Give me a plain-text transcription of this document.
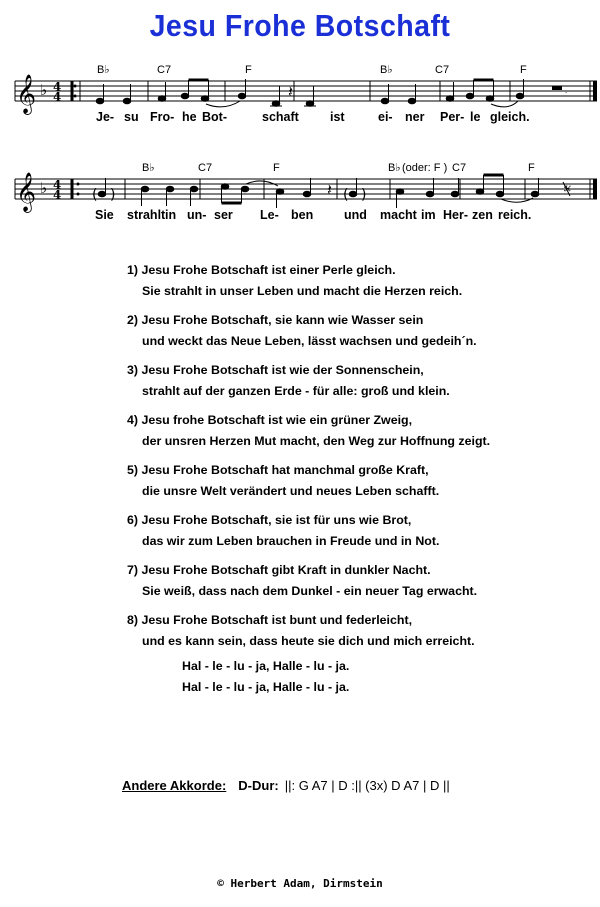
Jesu Frohe Botschaft
𝄞 ♭ 4
4
B♭	C7	F	B♭	C7	F
𝄽	.
Je- su Fro- he Bot-	schaft ist	ei- ner Per- le gleich.
𝄞 ♭ 4
4
B♭	C7	F	B♭ (oder: F ) C7	F
( )	( )
𝄽	ℋ
Sie strahlt in un- ser Le- ben und macht im Her- zen reich.
1) Jesu Frohe Botschaft ist einer Perle gleich.
Sie strahlt in unser Leben und macht die Herzen reich.
2) Jesu Frohe Botschaft, sie kann wie Wasser sein
und weckt das Neue Leben, lässt wachsen und gedeih´n.
3) Jesu Frohe Botschaft ist wie der Sonnenschein,
strahlt auf der ganzen Erde - für alle: groß und klein.
4) Jesu frohe Botschaft ist wie ein grüner Zweig,
der unsren Herzen Mut macht, den Weg zur Hoffnung zeigt.
5) Jesu Frohe Botschaft hat manchmal große Kraft,
die unsre Welt verändert und neues Leben schafft.
6) Jesu Frohe Botschaft, sie ist für uns wie Brot,
das wir zum Leben brauchen in Freude und in Not.
7) Jesu Frohe Botschaft gibt Kraft in dunkler Nacht.
Sie weiß, dass nach dem Dunkel - ein neuer Tag erwacht.
8) Jesu Frohe Botschaft ist bunt und federleicht,
und es kann sein, dass heute sie dich und mich erreicht.
Hal - le - lu - ja, Halle - lu - ja.
Hal - le - lu - ja, Halle - lu - ja.
Andere Akkorde: D-Dur: ||: G A7 | D :|| (3x) D A7 | D ||
© Herbert Adam, Dirmstein
